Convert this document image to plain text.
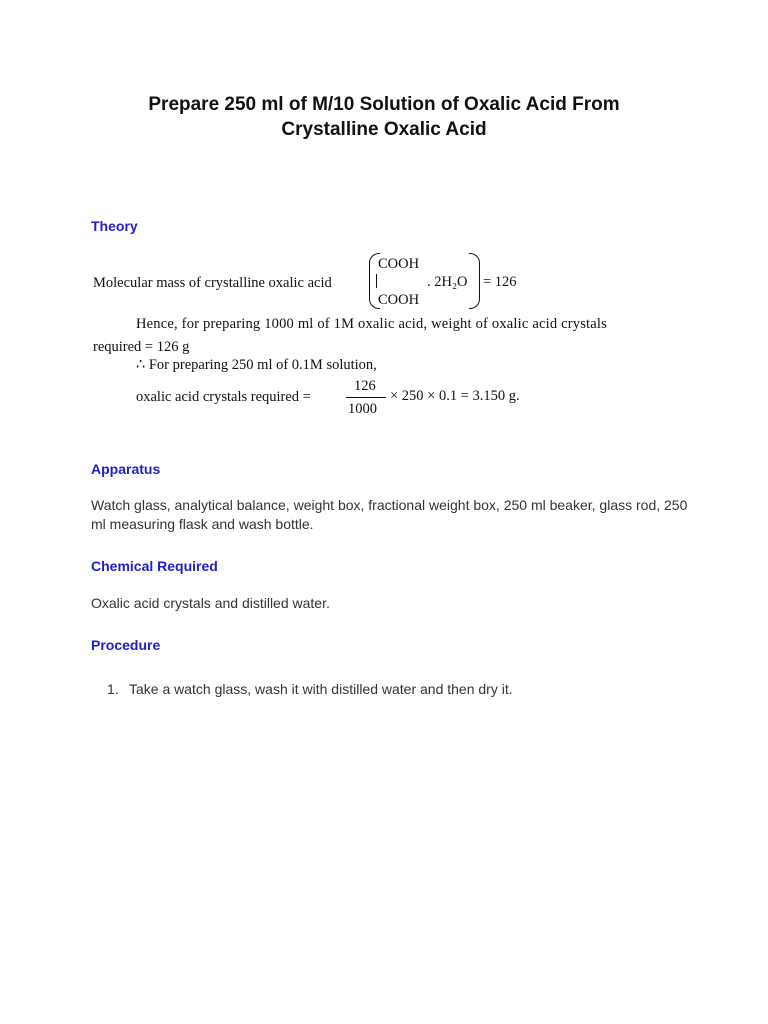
Prepare 250 ml of M/10 Solution of Oxalic Acid From
Crystalline Oxalic Acid
Theory
Molecular mass of crystalline oxalic acid
COOH
. 2H₂O
COOH
= 126
Hence, for preparing 1000 ml of 1M oxalic acid, weight of oxalic acid crystals
required = 126 g
∴ For preparing 250 ml of 0.1M solution,
oxalic acid crystals required =
126
1000
× 250 × 0.1 = 3.150 g.
Apparatus
Watch glass, analytical balance, weight box, fractional weight box, 250 ml beaker, glass rod, 250 ml measuring flask and wash bottle.
Chemical Required
Oxalic acid crystals and distilled water.
Procedure
1. Take a watch glass, wash it with distilled water and then dry it.
